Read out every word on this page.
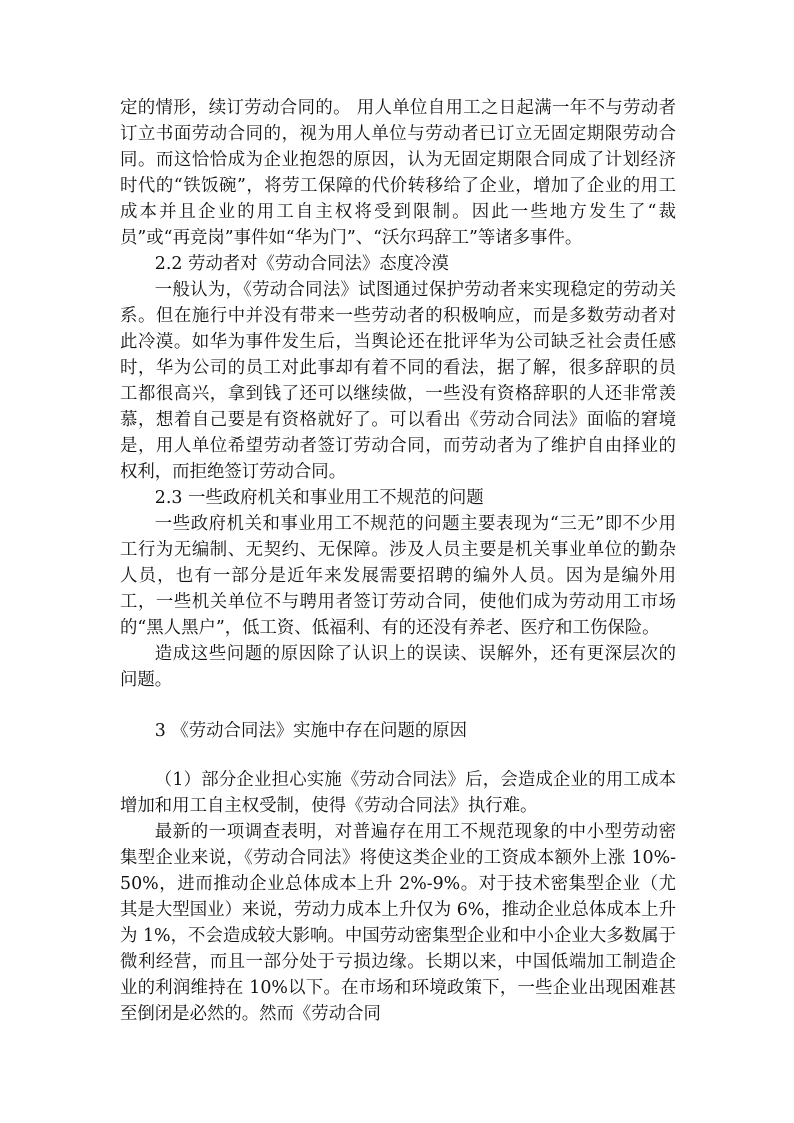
定的情形，续订劳动合同的。 用人单位自用工之日起满一年不与劳动者订立书面劳动合同的，视为用人单位与劳动者已订立无固定期限劳动合同。而这恰恰成为企业抱怨的原因，认为无固定期限合同成了计划经济时代的“铁饭碗”，将劳工保障的代价转移给了企业，增加了企业的用工成本并且企业的用工自主权将受到限制。因此一些地方发生了“裁员”或“再竞岗”事件如“华为门”、“沃尔玛辞工”等诸多事件。

2.2 劳动者对《劳动合同法》态度冷漠

一般认为，《劳动合同法》试图通过保护劳动者来实现稳定的劳动关系。但在施行中并没有带来一些劳动者的积极响应，而是多数劳动者对此冷漠。如华为事件发生后，当舆论还在批评华为公司缺乏社会责任感时，华为公司的员工对此事却有着不同的看法，据了解，很多辞职的员工都很高兴，拿到钱了还可以继续做，一些没有资格辞职的人还非常羡慕，想着自己要是有资格就好了。可以看出《劳动合同法》面临的窘境是，用人单位希望劳动者签订劳动合同，而劳动者为了维护自由择业的权利，而拒绝签订劳动合同。

2.3 一些政府机关和事业用工不规范的问题

一些政府机关和事业用工不规范的问题主要表现为“三无”即不少用工行为无编制、无契约、无保障。涉及人员主要是机关事业单位的勤杂人员，也有一部分是近年来发展需要招聘的编外人员。因为是编外用工，一些机关单位不与聘用者签订劳动合同，使他们成为劳动用工市场的“黑人黑户”，低工资、低福利、有的还没有养老、医疗和工伤保险。

造成这些问题的原因除了认识上的误读、误解外，还有更深层次的问题。

3 《劳动合同法》实施中存在问题的原因

（1）部分企业担心实施《劳动合同法》后，会造成企业的用工成本增加和用工自主权受制，使得《劳动合同法》执行难。

最新的一项调查表明，对普遍存在用工不规范现象的中小型劳动密集型企业来说，《劳动合同法》将使这类企业的工资成本额外上涨 10%-50%，进而推动企业总体成本上升 2%-9%。对于技术密集型企业（尤其是大型国业）来说，劳动力成本上升仅为 6%，推动企业总体成本上升为 1%，不会造成较大影响。中国劳动密集型企业和中小企业大多数属于微利经营，而且一部分处于亏损边缘。长期以来，中国低端加工制造企业的利润维持在 10%以下。在市场和环境政策下，一些企业出现困难甚至倒闭是必然的。然而《劳动合同
